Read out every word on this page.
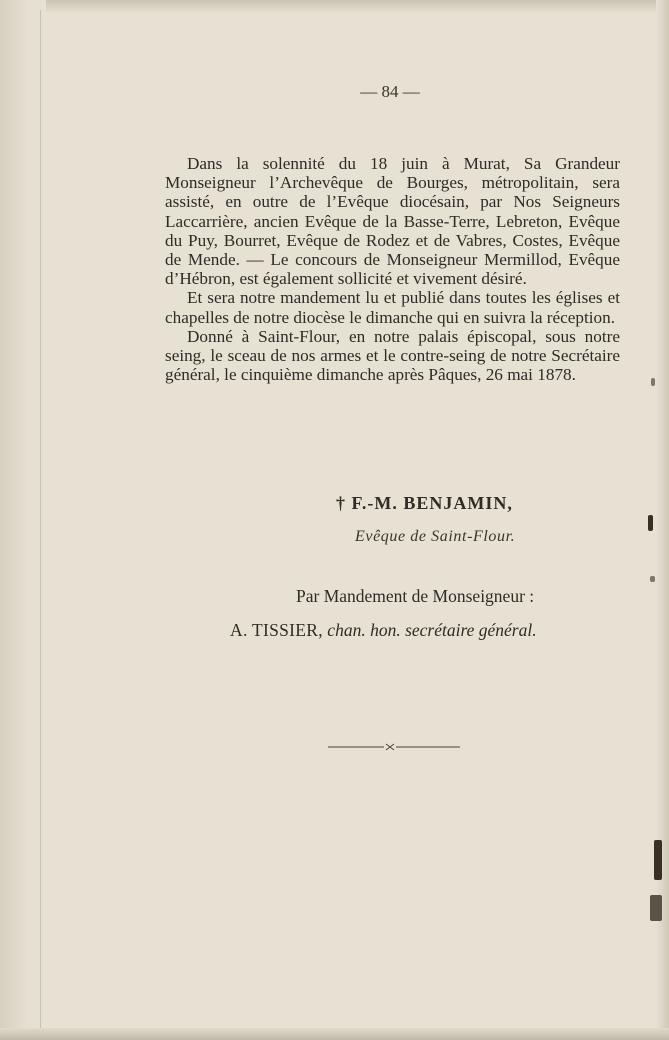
— 84 —

Dans la solennité du 18 juin à Murat, Sa Grandeur Monseigneur l’Archevêque de Bourges, métropolitain, sera assisté, en outre de l’Evêque diocésain, par Nos Seigneurs Laccarrière, ancien Evêque de la Basse-Terre, Lebreton, Evêque du Puy, Bourret, Evêque de Rodez et de Vabres, Costes, Evêque de Mende. — Le concours de Monseigneur Mermillod, Evêque d’Hébron, est également sollicité et vivement désiré.

Et sera notre mandement lu et publié dans toutes les églises et chapelles de notre diocèse le dimanche qui en suivra la réception.

Donné à Saint-Flour, en notre palais épiscopal, sous notre seing, le sceau de nos armes et le contre-seing de notre Secrétaire général, le cinquième dimanche après Pâques, 26 mai 1878.

† F.-M. BENJAMIN,
Evêque de Saint-Flour.
Par Mandement de Monseigneur :
A. TISSIER, chan. hon. secrétaire général.
